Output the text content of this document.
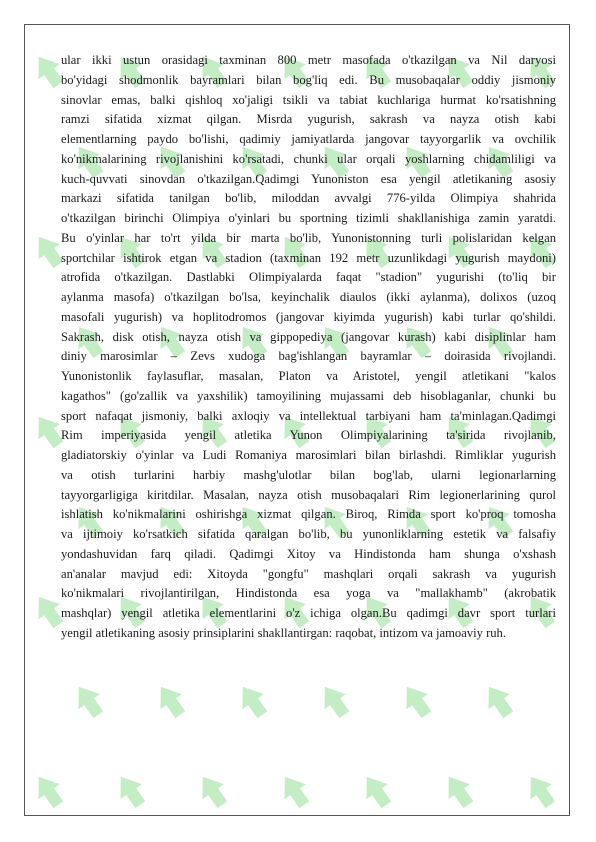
ular ikki ustun orasidagi taxminan 800 metr masofada o'tkazilgan va Nil daryosi
bo'yidagi shodmonlik bayramlari bilan bog'liq edi. Bu musobaqalar oddiy jismoniy
sinovlar emas, balki qishloq xo'jaligi tsikli va tabiat kuchlariga hurmat ko'rsatishning
ramzi sifatida xizmat qilgan. Misrda yugurish, sakrash va nayza otish kabi
elementlarning paydo bo'lishi, qadimiy jamiyatlarda jangovar tayyorgarlik va ovchilik
ko'nikmalarining rivojlanishini ko'rsatadi, chunki ular orqali yoshlarning chidamliligi va
kuch-quvvati sinovdan o'tkazilgan.Qadimgi Yunoniston esa yengil atletikaning asosiy
markazi sifatida tanilgan bo'lib, miloddan avvalgi 776-yilda Olimpiya shahrida
o'tkazilgan birinchi Olimpiya o'yinlari bu sportning tizimli shakllanishiga zamin yaratdi.
Bu o'yinlar har to'rt yilda bir marta bo'lib, Yunonistonning turli polislaridan kelgan
sportchilar ishtirok etgan va stadion (taxminan 192 metr uzunlikdagi yugurish maydoni)
atrofida o'tkazilgan. Dastlabki Olimpiyalarda faqat "stadion" yugurishi (to'liq bir
aylanma masofa) o'tkazilgan bo'lsa, keyinchalik diaulos (ikki aylanma), dolixos (uzoq
masofali yugurish) va hoplitodromos (jangovar kiyimda yugurish) kabi turlar qo'shildi.
Sakrash, disk otish, nayza otish va gippopediya (jangovar kurash) kabi disiplinlar ham
diniy marosimlar – Zevs xudoga bag'ishlangan bayramlar – doirasida rivojlandi.
Yunonistonlik faylasuflar, masalan, Platon va Aristotel, yengil atletikani "kalos
kagathos" (go'zallik va yaxshilik) tamoyilining mujassami deb hisoblaganlar, chunki bu
sport nafaqat jismoniy, balki axloqiy va intellektual tarbiyani ham ta'minlagan.Qadimgi
Rim imperiyasida yengil atletika Yunon Olimpiyalarining ta'sirida rivojlanib,
gladiatorskiy o'yinlar va Ludi Romaniya marosimlari bilan birlashdi. Rimliklar yugurish
va otish turlarini harbiy mashg'ulotlar bilan bog'lab, ularni legionarlarning
tayyorgarligiga kiritdilar. Masalan, nayza otish musobaqalari Rim legionerlarining qurol
ishlatish ko'nikmalarini oshirishga xizmat qilgan. Biroq, Rimda sport ko'proq tomosha
va ijtimoiy ko'rsatkich sifatida qaralgan bo'lib, bu yunonliklarning estetik va falsafiy
yondashuvidan farq qiladi. Qadimgi Xitoy va Hindistonda ham shunga o'xshash
an'analar mavjud edi: Xitoyda "gongfu" mashqlari orqali sakrash va yugurish
ko'nikmalari rivojlantirilgan, Hindistonda esa yoga va "mallakhamb" (akrobatik
mashqlar) yengil atletika elementlarini o'z ichiga olgan.Bu qadimgi davr sport turlari
yengil atletikaning asosiy prinsiplarini shakllantirgan: raqobat, intizom va jamoaviy ruh.
